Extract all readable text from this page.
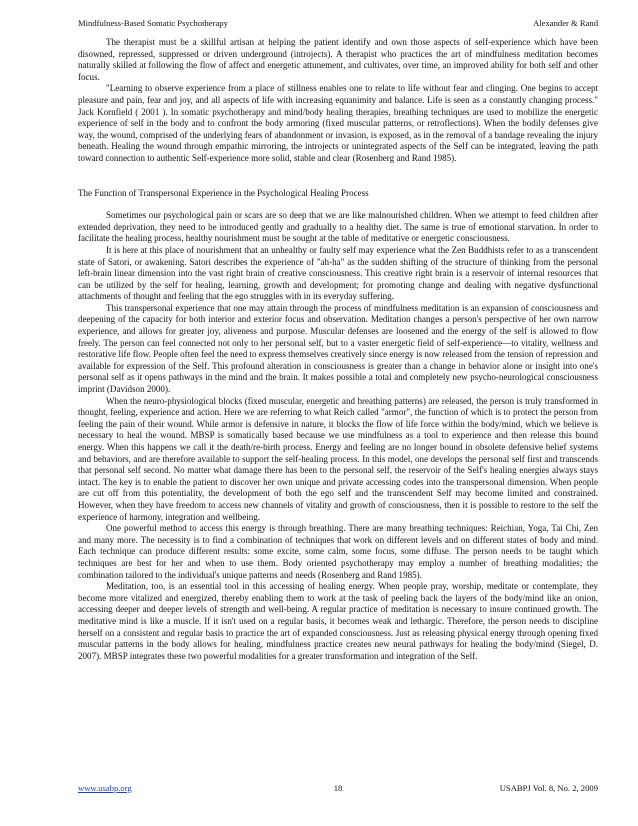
Mindfulness-Based Somatic Psychotherapy	Alexander & Rand

The therapist must be a skillful artisan at helping the patient identify and own those aspects of self-experience which have been disowned, repressed, suppressed or driven underground (introjects). A therapist who practices the art of mindfulness meditation becomes naturally skilled at following the flow of affect and energetic attunement, and cultivates, over time, an improved ability for both self and other focus.

"Learning to observe experience from a place of stillness enables one to relate to life without fear and clinging. One begins to accept pleasure and pain, fear and joy, and all aspects of life with increasing equanimity and balance. Life is seen as a constantly changing process." Jack Kornfield ( 2001 ). In somatic psychotherapy and mind/body healing therapies, breathing techniques are used to mobilize the energetic experience of self in the body and to confront the body armoring (fixed muscular patterns, or retroflections). When the bodily defenses give way, the wound, comprised of the underlying fears of abandonment or invasion, is exposed, as in the removal of a bandage revealing the injury beneath. Healing the wound through empathic mirroring, the introjects or unintegrated aspects of the Self can be integrated, leaving the path toward connection to authentic Self-experience more solid, stable and clear (Rosenberg and Rand 1985).

The Function of Transpersonal Experience in the Psychological Healing Process

Sometimes our psychological pain or scars are so deep that we are like malnourished children. When we attempt to feed children after extended deprivation, they need to be introduced gently and gradually to a healthy diet. The same is true of emotional starvation. In order to facilitate the healing process, healthy nourishment must be sought at the table of meditative or energetic consciousness.

It is here at this place of nourishment that an unhealthy or faulty self may experience what the Zen Buddhists refer to as a transcendent state of Satori, or awakening. Satori describes the experience of "ah-ha" as the sudden shifting of the structure of thinking from the personal left-brain linear dimension into the vast right brain of creative consciousness. This creative right brain is a reservoir of internal resources that can be utilized by the self for healing, learning, growth and development; for promoting change and dealing with negative dysfunctional attachments of thought and feeling that the ego struggles with in its everyday suffering.

This transpersonal experience that one may attain through the process of mindfulness meditation is an expansion of consciousness and deepening of the capacity for both interior and exterior focus and observation. Meditation changes a person's perspective of her own narrow experience, and allows for greater joy, aliveness and purpose. Muscular defenses are loosened and the energy of the self is allowed to flow freely. The person can feel connected not only to her personal self, but to a vaster energetic field of self-experience—to vitality, wellness and restorative life flow. People often feel the need to express themselves creatively since energy is now released from the tension of repression and available for expression of the Self. This profound alteration in consciousness is greater than a change in behavior alone or insight into one's personal self as it opens pathways in the mind and the brain. It makes possible a total and completely new psycho-neurological consciousness imprint (Davidson 2000).

When the neuro-physiological blocks (fixed muscular, energetic and breathing patterns) are released, the person is truly transformed in thought, feeling, experience and action. Here we are referring to what Reich called "armor", the function of which is to protect the person from feeling the pain of their wound. While armor is defensive in nature, it blocks the flow of life force within the body/mind, which we believe is necessary to heal the wound. MBSP is somatically based because we use mindfulness as a tool to experience and then release this bound energy. When this happens we call it the death/re-birth process. Energy and feeling are no longer bound in obsolete defensive belief systems and behaviors, and are therefore available to support the self-healing process. In this model, one develops the personal self first and transcends that personal self second. No matter what damage there has been to the personal self, the reservoir of the Self's healing energies always stays intact. The key is to enable the patient to discover her own unique and private accessing codes into the transpersonal dimension. When people are cut off from this potentiality, the development of both the ego self and the transcendent Self may become limited and constrained. However, when they have freedom to access new channels of vitality and growth of consciousness, then it is possible to restore to the self the experience of harmony, integration and wellbeing.

One powerful method to access this energy is through breathing. There are many breathing techniques: Reichian, Yoga, Tai Chi, Zen and many more. The necessity is to find a combination of techniques that work on different levels and on different states of body and mind. Each technique can produce different results: some excite, some calm, some focus, some diffuse. The person needs to be taught which techniques are best for her and when to use them. Body oriented psychotherapy may employ a number of breathing modalities; the combination tailored to the individual's unique patterns and needs (Rosenberg and Rand 1985).

Meditation, too, is an essential tool in this accessing of healing energy. When people pray, worship, meditate or contemplate, they become more vitalized and energized, thereby enabling them to work at the task of peeling back the layers of the body/mind like an onion, accessing deeper and deeper levels of strength and well-being. A regular practice of meditation is necessary to insure continued growth. The meditative mind is like a muscle. If it isn't used on a regular basis, it becomes weak and lethargic. Therefore, the person needs to discipline herself on a consistent and regular basis to practice the art of expanded consciousness. Just as releasing physical energy through opening fixed muscular patterns in the body allows for healing, mindfulness practice creates new neural pathways for healing the body/mind (Siegel, D. 2007). MBSP integrates these two powerful modalities for a greater transformation and integration of the Self.

www.usabp.org	18	USABPJ Vol. 8, No. 2, 2009
